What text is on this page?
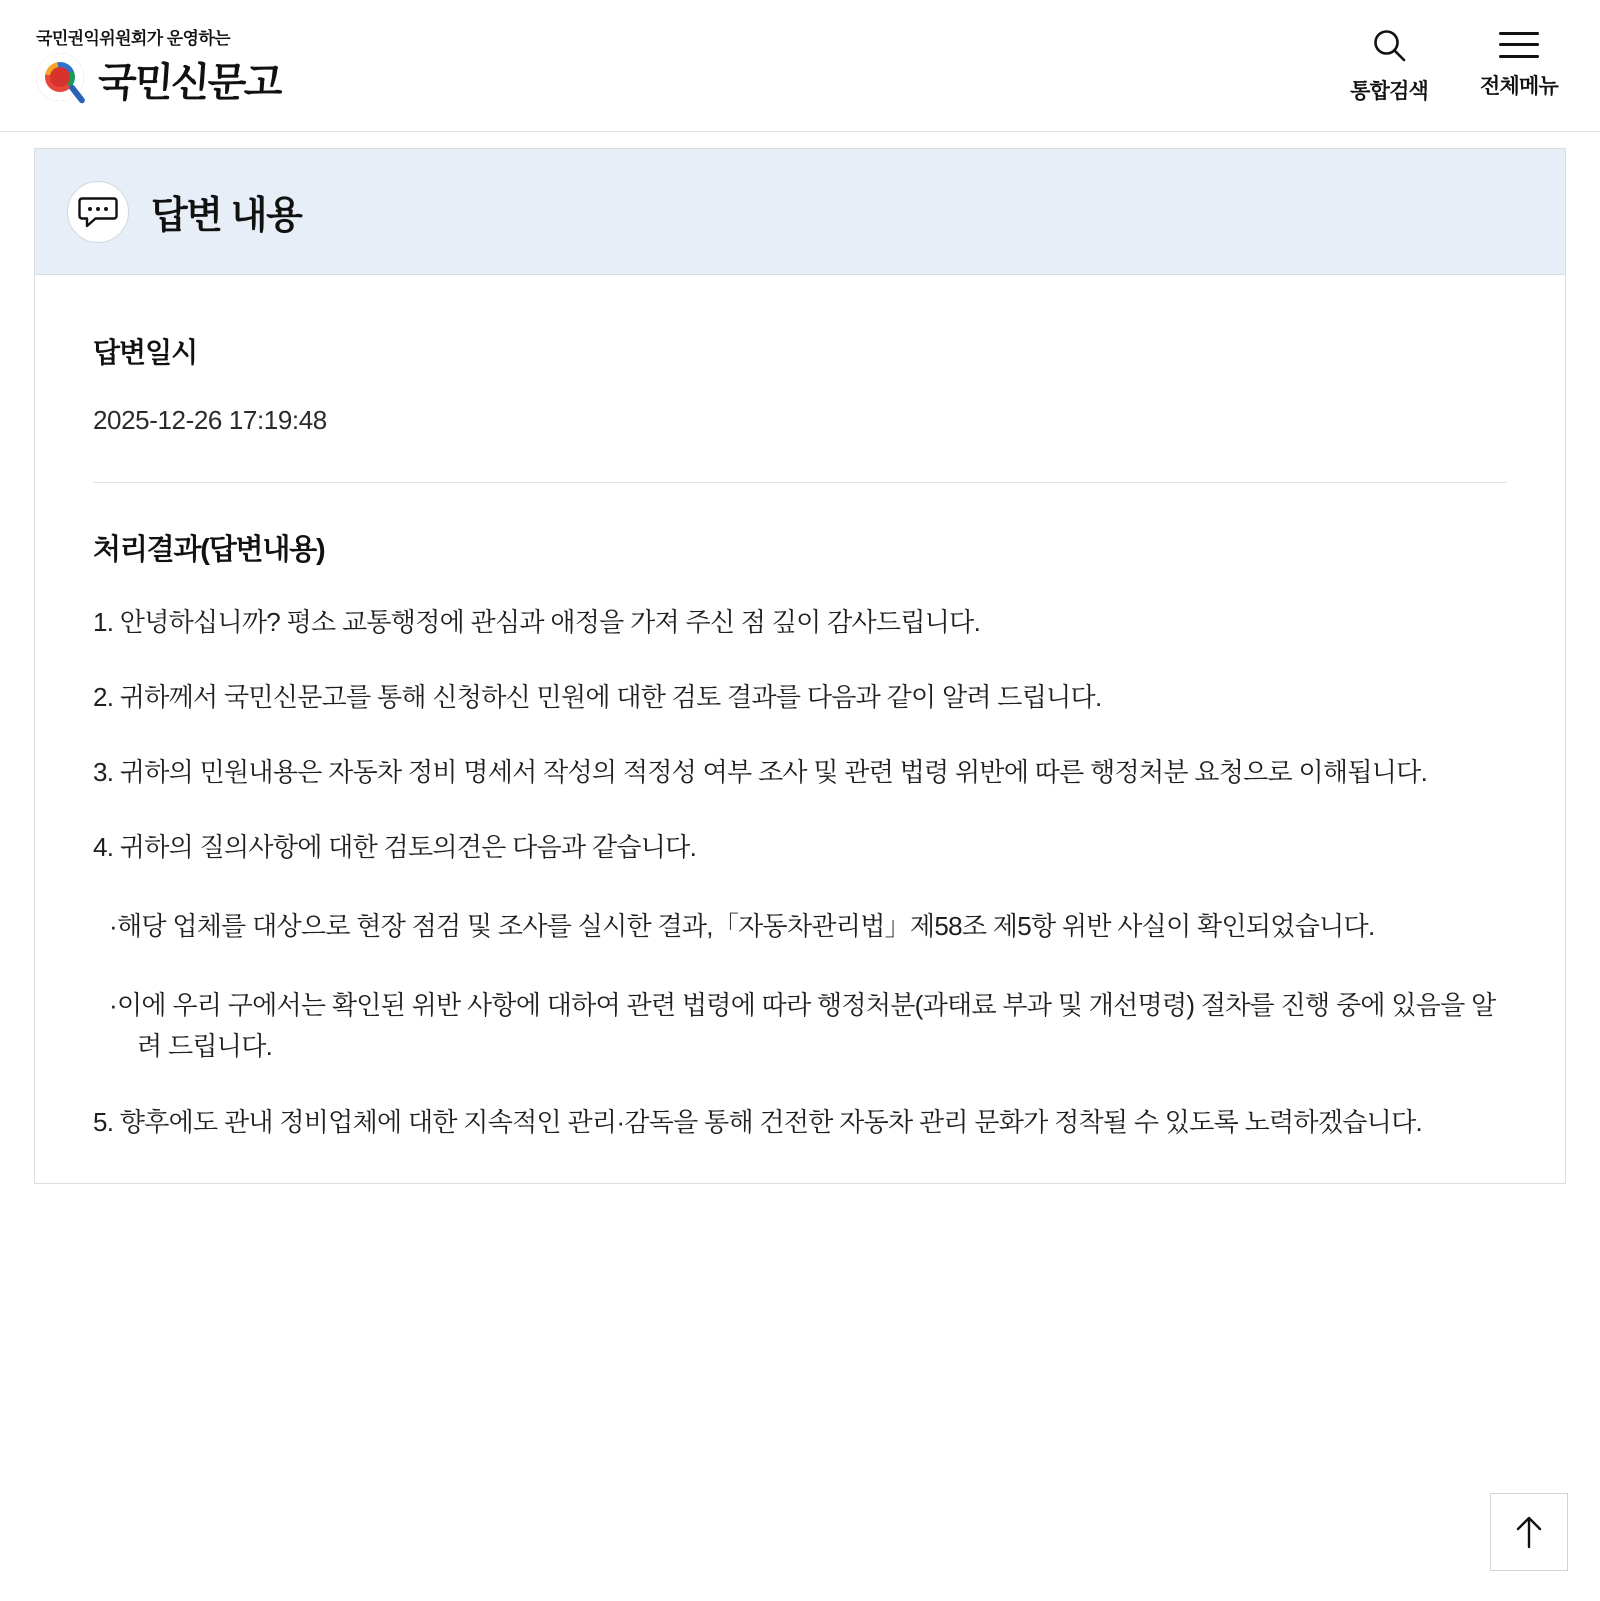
국민권익위원회가 운영하는
국민신문고	통합검색 전체메뉴
답변 내용

답변일시

2025-12-26 17:19:48

처리결과(답변내용)

1. 안녕하십니까? 평소 교통행정에 관심과 애정을 가져 주신 점 깊이 감사드립니다.

2. 귀하께서 국민신문고를 통해 신청하신 민원에 대한 검토 결과를 다음과 같이 알려 드립니다.

3. 귀하의 민원내용은 자동차 정비 명세서 작성의 적정성 여부 조사 및 관련 법령 위반에 따른 행정처분 요청으로 이해됩니다.

4. 귀하의 질의사항에 대한 검토의견은 다음과 같습니다.

·해당 업체를 대상으로 현장 점검 및 조사를 실시한 결과,「자동차관리법」제58조 제5항 위반 사실이 확인되었습니다.

·이에 우리 구에서는 확인된 위반 사항에 대하여 관련 법령에 따라 행정처분(과태료 부과 및 개선명령) 절차를 진행 중에 있음을 알려 드립니다.

5. 향후에도 관내 정비업체에 대한 지속적인 관리·감독을 통해 건전한 자동차 관리 문화가 정착될 수 있도록 노력하겠습니다.
